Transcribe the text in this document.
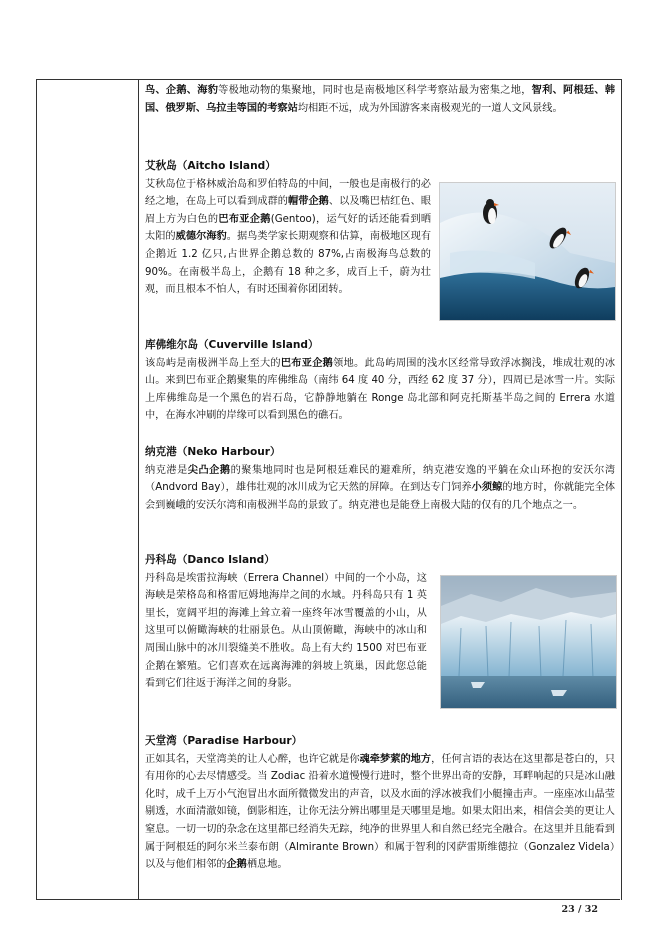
鸟、企鹅、海豹等极地动物的集聚地，同时也是南极地区科学考察站最为密集之地，智利、阿根廷、韩国、俄罗斯、乌拉圭等国的考察站均相距不远，成为外国游客来南极观光的一道人文风景线。

艾秋岛（Aitcho Island）

艾秋岛位于格林威治岛和罗伯特岛的中间，一般也是南极行的必经之地，在岛上可以看到成群的帽带企鹅、以及嘴巴桔红色、眼眉上方为白色的巴布亚企鹅(Gentoo)，运气好的话还能看到晒太阳的威德尔海豹。据鸟类学家长期观察和估算，南极地区现有企鹅近 1.2 亿只,占世界企鹅总数的 87%,占南极海鸟总数的 90%。在南极半岛上，企鹅有 18 种之多，成百上千，蔚为壮观，而且根本不怕人，有时还围着你团团转。

库佛维尔岛（Cuverville Island）

该岛屿是南极洲半岛上至大的巴布亚企鹅领地。此岛屿周围的浅水区经常导致浮冰搁浅，堆成壮观的冰山。来到巴布亚企鹅聚集的库佛维岛（南纬 64 度 40 分，西经 62 度 37 分），四周已是冰雪一片。实际上库佛维岛是一个黑色的岩石岛，它静静地躺在 Ronge 岛北部和阿克托斯基半岛之间的 Errera 水道中，在海水冲刷的岸缘可以看到黑色的礁石。

纳克港（Neko Harbour）

纳克港是尖凸企鹅的聚集地同时也是阿根廷难民的避难所，纳克港安逸的平躺在众山环抱的安沃尔湾（Andvord Bay），雄伟壮观的冰川成为它天然的屏障。在到达专门饲养小须鲸的地方时，你就能完全体会到巍峨的安沃尔湾和南极洲半岛的景致了。纳克港也是能登上南极大陆的仅有的几个地点之一。

丹科岛（Danco Island）

丹科岛是埃雷拉海峡（Errera Channel）中间的一个小岛，这海峡是荣格岛和格雷厄姆地海岸之间的水域。丹科岛只有 1 英里长，宽阔平坦的海滩上耸立着一座终年冰雪覆盖的小山，从这里可以俯瞰海峡的壮丽景色。从山顶俯瞰，海峡中的冰山和周围山脉中的冰川裂缝美不胜收。岛上有大约 1500 对巴布亚企鹅在繁殖。它们喜欢在远离海滩的斜坡上筑巢，因此您总能看到它们往返于海洋之间的身影。

天堂湾（Paradise Harbour）

正如其名，天堂湾美的让人心醉，也许它就是你魂牵梦萦的地方，任何言语的表达在这里都是苍白的，只有用你的心去尽情感受。当 Zodiac 沿着水道慢慢行进时，整个世界出奇的安静，耳畔响起的只是冰山融化时，成千上万小气泡冒出水面所微微发出的声音，以及水面的浮冰被我们小艇撞击声。一座座冰山晶莹剔透，水面清澈如镜，倒影相连，让你无法分辨出哪里是天哪里是地。如果太阳出来，相信会美的更让人窒息。一切一切的杂念在这里都已经消失无踪，纯净的世界里人和自然已经完全融合。在这里并且能看到属于阿根廷的阿尔米兰泰布朗（Almirante Brown）和属于智利的冈萨雷斯维德拉（Gonzalez Videla）以及与他们相邻的企鹅栖息地。

23 / 32
